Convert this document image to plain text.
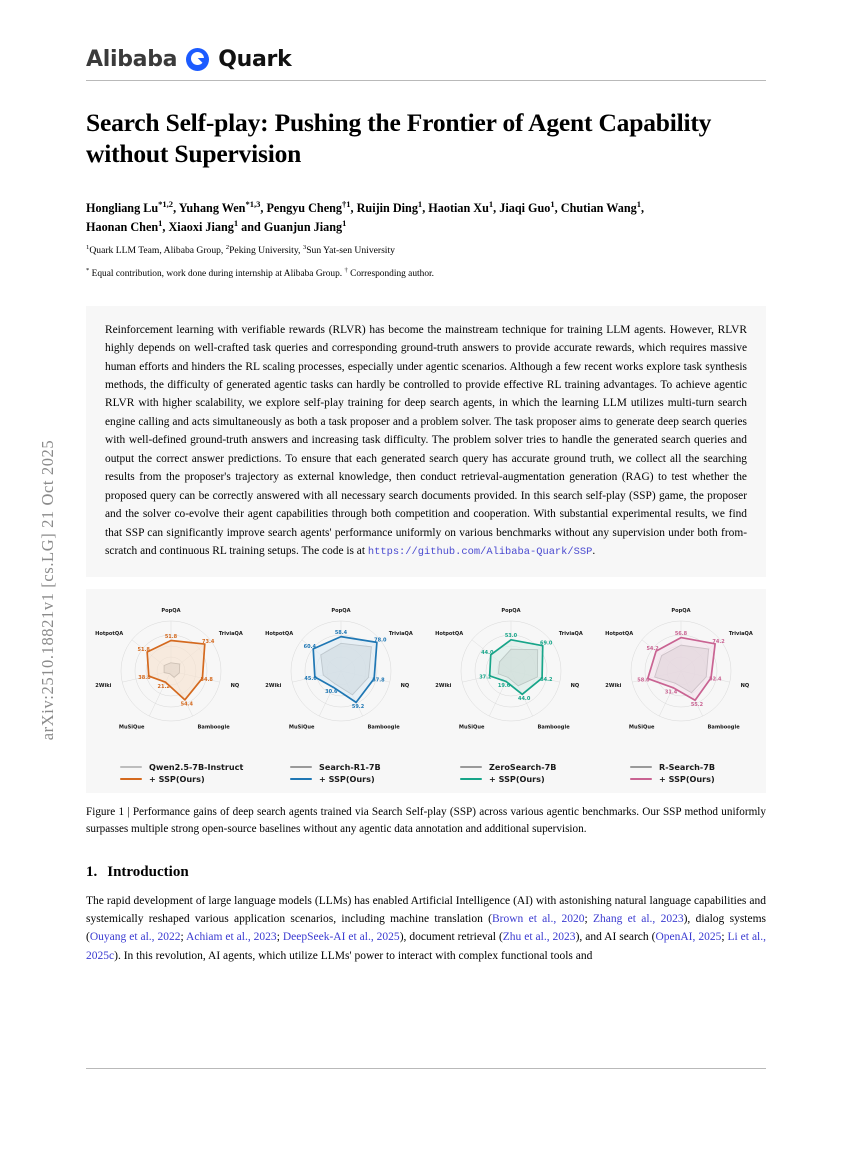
arXiv:2510.18821v1 [cs.LG] 21 Oct 2025
Alibaba Quark
Search Self-play: Pushing the Frontier of Agent Capability without Supervision
Hongliang Lu$^{*1,2}$, Yuhang Wen$^{*1,3}$, Pengyu Cheng$^{\dagger 1}$, Ruijin Ding$^1$, Haotian Xu$^1$, Jiaqi Guo$^1$, Chutian Wang$^1$,
Haonan Chen$^1$, Xiaoxi Jiang$^1$ and Guanjun Jiang$^1$
$^1$Quark LLM Team, Alibaba Group, $^2$Peking University, $^3$Sun Yat-sen University
* Equal contribution, work done during internship at Alibaba Group. † Corresponding author.
Reinforcement learning with verifiable rewards (RLVR) has become the mainstream technique for training LLM agents. However, RLVR highly depends on well-crafted task queries and corresponding ground-truth answers to provide accurate rewards, which requires massive human efforts and hinders the RL scaling processes, especially under agentic scenarios. Although a few recent works explore task synthesis methods, the difficulty of generated agentic tasks can hardly be controlled to provide effective RL training advantages. To achieve agentic RLVR with higher scalability, we explore self-play training for deep search agents, in which the learning LLM utilizes multi-turn search engine calling and acts simultaneously as both a task proposer and a problem solver. The task proposer aims to generate deep search queries with well-defined ground-truth answers and increasing task difficulty. The problem solver tries to handle the generated search queries and output the correct answer predictions. To ensure that each generated search query has accurate ground truth, we collect all the searching results from the proposer's trajectory as external knowledge, then conduct retrieval-augmentation generation (RAG) to test whether the proposed query can be correctly answered with all necessary search documents provided. In this search self-play (SSP) game, the proposer and the solver co-evolve their agent capabilities through both competition and cooperation. With substantial experimental results, we find that SSP can significantly improve search agents' performance uniformly on various benchmarks without any supervision under both from-scratch and continuous RL training setups. The code is at https://github.com/Alibaba-Quark/SSP.
PopQA
TriviaQA
NQ
Bamboogle
MuSiQue
2Wiki
HotpotQA	51.8
73.4
54.8
54.4
21.2
38.8
51.8
PopQA
TriviaQA
NQ
Bamboogle
MuSiQue
2Wiki
HotpotQA	58.4
78.0
57.8
59.2
30.6
45.6
60.4
PopQA
TriviaQA
NQ
Bamboogle
MuSiQue
2Wiki
HotpotQA	53.0
69.0
54.2
44.0
19.6
37.2
44.0
PopQA
TriviaQA
NQ
Bamboogle
MuSiQue
2Wiki
HotpotQA	56.8
74.2
52.4
55.2
31.4
58.0
54.2
Qwen2.5-7B-Instruct
+ SSP(Ours)
Search-R1-7B
+ SSP(Ours)
ZeroSearch-7B
+ SSP(Ours)
R-Search-7B
+ SSP(Ours)
Figure 1 | Performance gains of deep search agents trained via Search Self-play (SSP) across various agentic benchmarks. Our SSP method uniformly surpasses multiple strong open-source baselines without any agentic data annotation and additional supervision.
1. Introduction
The rapid development of large language models (LLMs) has enabled Artificial Intelligence (AI) with astonishing natural language capabilities and systemically reshaped various application scenarios, including machine translation (Brown et al., 2020; Zhang et al., 2023), dialog systems (Ouyang et al., 2022; Achiam et al., 2023; DeepSeek-AI et al., 2025), document retrieval (Zhu et al., 2023), and AI search (OpenAI, 2025; Li et al., 2025c). In this revolution, AI agents, which utilize LLMs' power to interact with complex functional tools and
